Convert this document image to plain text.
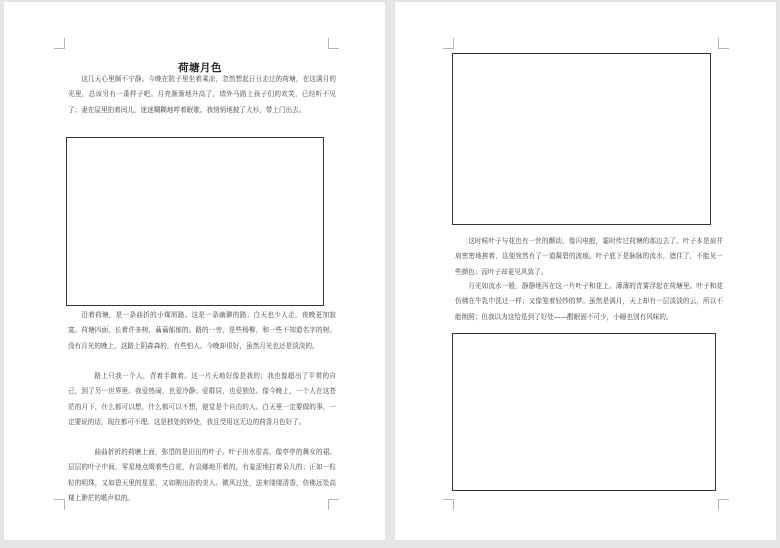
荷塘月色

这几天心里颇不宁静。今晚在院子里坐着乘凉，忽然想起日日走过的荷塘，在这满月的光里，总该另有一番样子吧。月亮渐渐地升高了，墙外马路上孩子们的欢笑，已经听不见了；妻在屋里拍着闰儿，迷迷糊糊地哼着眠歌。我悄悄地披了大衫，带上门出去。

沿着荷塘，是一条曲折的小煤屑路。这是一条幽僻的路；白天也少人走，夜晚更加寂寞。荷塘四面，长着许多树，蓊蓊郁郁的。路的一旁，是些杨柳，和一些不知道名字的树。没有月光的晚上，这路上阴森森的，有些怕人。今晚却很好，虽然月光也还是淡淡的。

路上只我一个人，背着手踱着。这一片天地好像是我的；我也像超出了平常的自己，到了另一世界里。我爱热闹，也爱冷静；爱群居，也爱独处。像今晚上，一个人在这苍茫的月下，什么都可以想，什么都可以不想，便觉是个自由的人。白天里一定要做的事，一定要说的话，现在都可不理。这是独处的妙处，我且受用这无边的荷香月色好了。

曲曲折折的荷塘上面，弥望的是田田的叶子。叶子出水很高，像亭亭的舞女的裙。层层的叶子中间，零星地点缀着些白花，有袅娜地开着的，有羞涩地打着朵儿的；正如一粒粒的明珠，又如碧天里的星星，又如刚出浴的美人。微风过处，送来缕缕清香，仿佛远处高楼上渺茫的歌声似的。

这时候叶子与花也有一丝的颤动，像闪电般，霎时传过荷塘的那边去了。叶子本是肩并肩密密地挨着，这便宛然有了一道凝碧的波痕。叶子底下是脉脉的流水，遮住了，不能见一些颜色；而叶子却更见风致了。

月光如流水一般，静静地泻在这一片叶子和花上。薄薄的青雾浮起在荷塘里。叶子和花仿佛在牛乳中洗过一样；又像笼着轻纱的梦。虽然是满月，天上却有一层淡淡的云，所以不能朗照；但我以为这恰是到了好处——酣眠固不可少，小睡也别有风味的。
